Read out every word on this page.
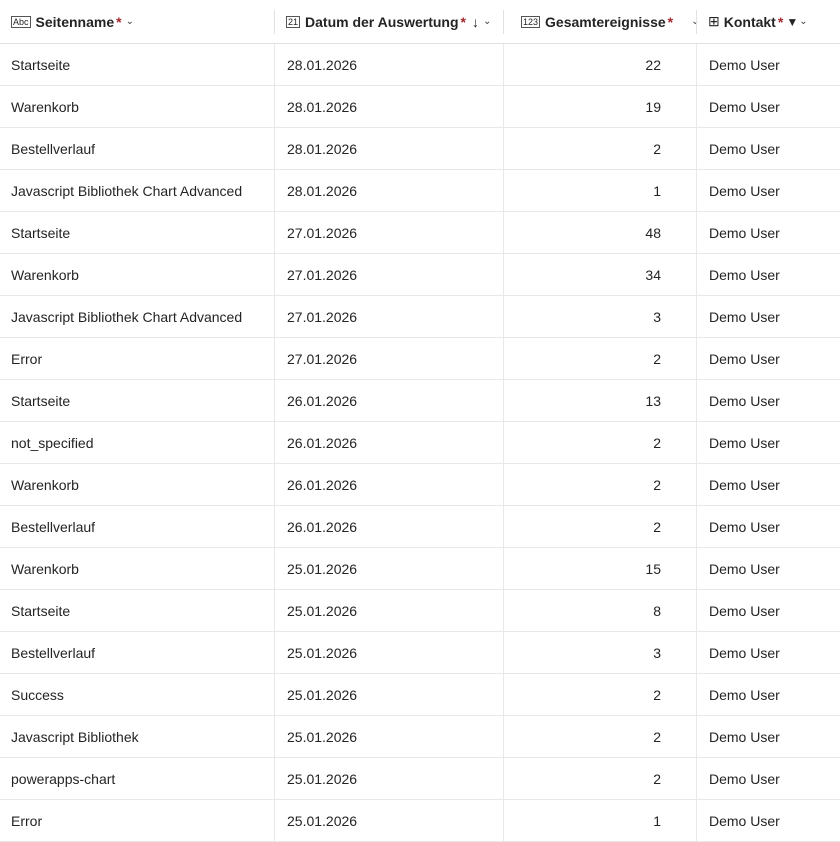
Abc Seitenname * ⌄	21 Datum der Auswertung * ↓ ⌄	123 Gesamtereignisse * ⌄ ⊞ Kontakt * ▼ ⌄
Startseite	28.01.2026	22	Demo User
Warenkorb	28.01.2026	19	Demo User
Bestellverlauf	28.01.2026	2	Demo User
Javascript Bibliothek Chart Advanced	28.01.2026	1	Demo User
Startseite	27.01.2026	48	Demo User
Warenkorb	27.01.2026	34	Demo User
Javascript Bibliothek Chart Advanced	27.01.2026	3	Demo User
Error	27.01.2026	2	Demo User
Startseite	26.01.2026	13	Demo User
not_specified	26.01.2026	2	Demo User
Warenkorb	26.01.2026	2	Demo User
Bestellverlauf	26.01.2026	2	Demo User
Warenkorb	25.01.2026	15	Demo User
Startseite	25.01.2026	8	Demo User
Bestellverlauf	25.01.2026	3	Demo User
Success	25.01.2026	2	Demo User
Javascript Bibliothek	25.01.2026	2	Demo User
powerapps-chart	25.01.2026	2	Demo User
Error	25.01.2026	1	Demo User
